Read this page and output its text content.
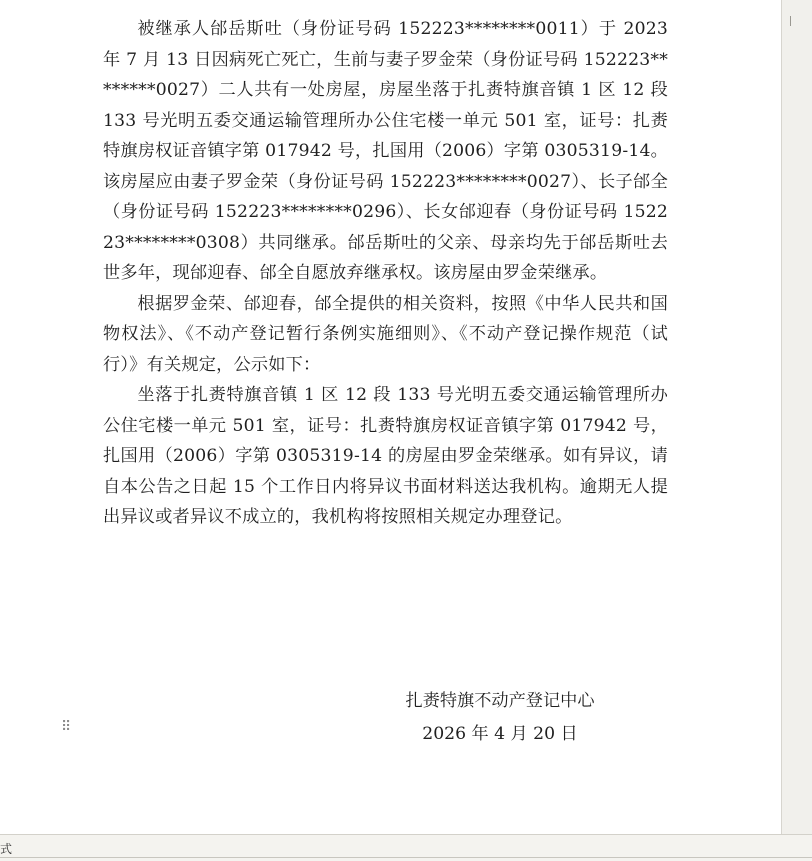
被继承人邰岳斯吐（身份证号码 152223********0011）于 2023 年 7 月 13 日因病死亡死亡，生前与妻子罗金荣（身份证号码 152223********0027）二人共有一处房屋，房屋坐落于扎赉特旗音镇 1 区 12 段 133 号光明五委交通运输管理所办公住宅楼一单元 501 室，证号：扎赉特旗房权证音镇字第 017942 号，扎国用（2006）字第 0305319-14。该房屋应由妻子罗金荣（身份证号码 152223********0027）、长子邰全（身份证号码 152223********0296）、长女邰迎春（身份证号码 152223********0308）共同继承。邰岳斯吐的父亲、母亲均先于邰岳斯吐去世多年，现邰迎春、邰全自愿放弃继承权。该房屋由罗金荣继承。

根据罗金荣、邰迎春，邰全提供的相关资料，按照《中华人民共和国物权法》、《不动产登记暂行条例实施细则》、《不动产登记操作规范（试行）》有关规定，公示如下：

坐落于扎赉特旗音镇 1 区 12 段 133 号光明五委交通运输管理所办公住宅楼一单元 501 室，证号：扎赉特旗房权证音镇字第 017942 号，扎国用（2006）字第 0305319-14 的房屋由罗金荣继承。如有异议，请自本公告之日起 15 个工作日内将异议书面材料送达我机构。逾期无人提出异议或者异议不成立的，我机构将按照相关规定办理登记。

扎赉特旗不动产登记中心

2026 年 4 月 20 日

⠿
式
